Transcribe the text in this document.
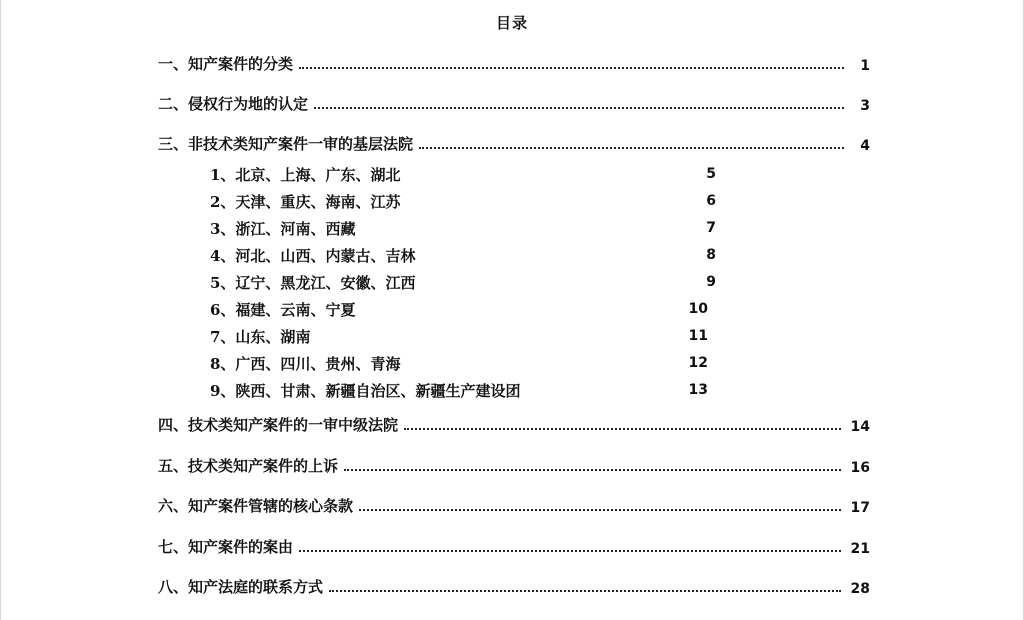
目录
一、知产案件的分类	1
二、侵权行为地的认定	3
三、非技术类知产案件一审的基层法院	4
1、北京、上海、广东、湖北	5
2、天津、重庆、海南、江苏	6
3、浙江、河南、西藏	7
4、河北、山西、内蒙古、吉林	8
5、辽宁、黑龙江、安徽、江西	9
6、福建、云南、宁夏	10
7、山东、湖南	11
8、广西、四川、贵州、青海	12
9、陕西、甘肃、新疆自治区、新疆生产建设团	13
四、技术类知产案件的一审中级法院	14
五、技术类知产案件的上诉	16
六、知产案件管辖的核心条款	17
七、知产案件的案由	21
八、知产法庭的联系方式	28
